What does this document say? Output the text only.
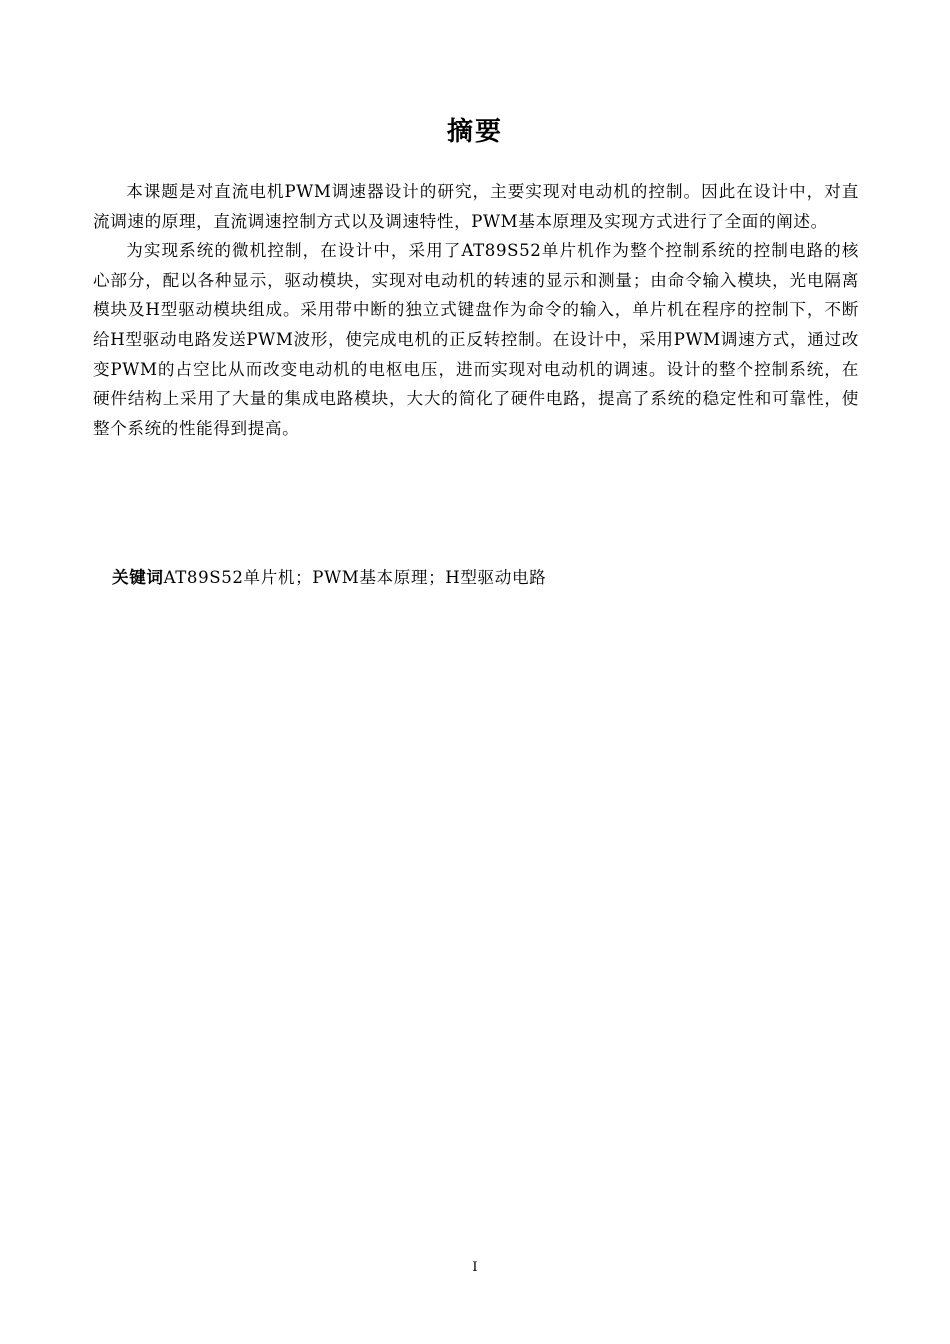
摘要

本课题是对直流电机PWM调速器设计的研究，主要实现对电动机的控制。因此在设计中，对直流调速的原理，直流调速控制方式以及调速特性，PWM基本原理及实现方式进行了全面的阐述。

为实现系统的微机控制，在设计中，采用了AT89S52单片机作为整个控制系统的控制电路的核心部分，配以各种显示，驱动模块，实现对电动机的转速的显示和测量；由命令输入模块，光电隔离模块及H型驱动模块组成。采用带中断的独立式键盘作为命令的输入，单片机在程序的控制下，不断给H型驱动电路发送PWM波形，使完成电机的正反转控制。在设计中，采用PWM调速方式，通过改变PWM的占空比从而改变电动机的电枢电压，进而实现对电动机的调速。设计的整个控制系统，在硬件结构上采用了大量的集成电路模块，大大的简化了硬件电路，提高了系统的稳定性和可靠性，使整个系统的性能得到提高。

关键词AT89S52单片机；PWM基本原理；H型驱动电路
I
